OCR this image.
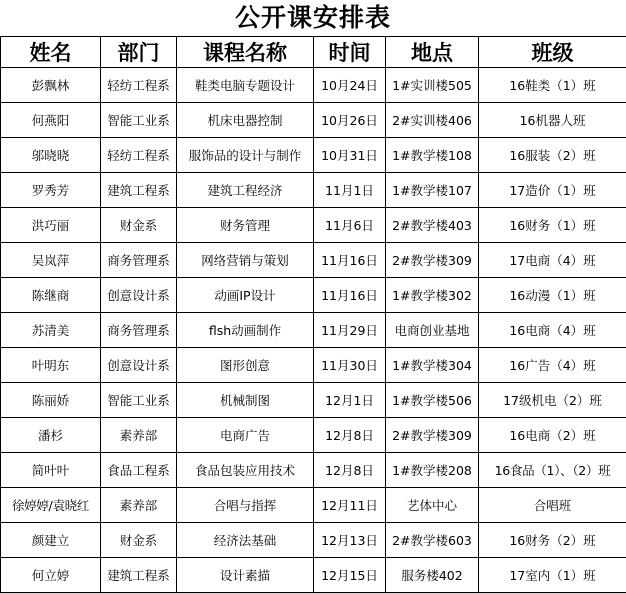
公开课安排表
姓名	部门	课程名称	时间	地点	班级
彭飘林	轻纺工程系	鞋类电脑专题设计	10月24日	1#实训楼505	16鞋类（1）班
何燕阳	智能工业系	机床电器控制	10月26日	2#实训楼406	16机器人班
邬晓晓	轻纺工程系	服饰品的设计与制作	10月31日	1#教学楼108	16服装（2）班
罗秀芳	建筑工程系	建筑工程经济	11月1日	1#教学楼107	17造价（1）班
洪巧丽	财金系	财务管理	11月6日	2#教学楼403	16财务（1）班
吴岚萍	商务管理系	网络营销与策划	11月16日	2#教学楼309	17电商（4）班
陈继商	创意设计系	动画IP设计	11月16日	1#教学楼302	16动漫（1）班
苏清美	商务管理系	flsh动画制作	11月29日	电商创业基地	16电商（4）班
叶明东	创意设计系	图形创意	11月30日	1#教学楼304	16广告（4）班
陈丽娇	智能工业系	机械制图	12月1日	1#教学楼506	17级机电（2）班
潘杉	素养部	电商广告	12月8日	2#教学楼309	16电商（2）班
简叶叶	食品工程系	食品包装应用技术	12月8日	1#教学楼208	16食品（1）、（2）班
徐婷婷/袁晓红	素养部	合唱与指挥	12月11日	艺体中心	合唱班
颜建立	财金系	经济法基础	12月13日	2#教学楼603	16财务（2）班
何立婷	建筑工程系	设计素描	12月15日	服务楼402	17室内（1）班
